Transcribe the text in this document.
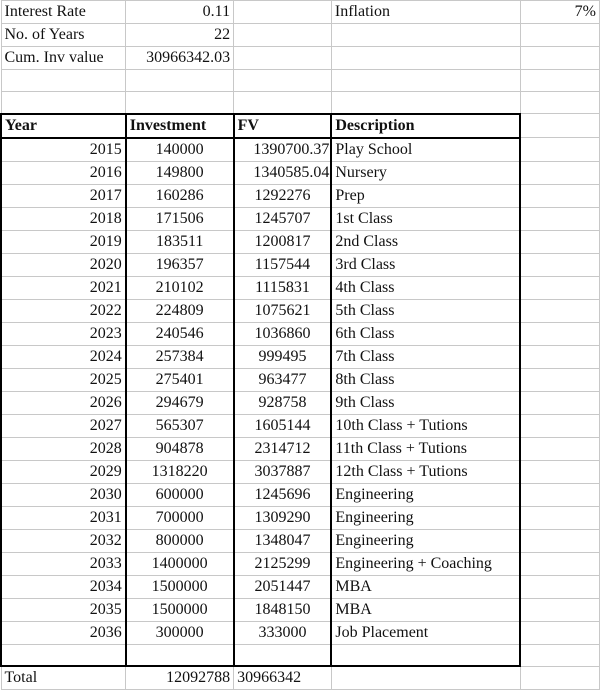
Interest Rate	0.11		Inflation	7%
No. of Years	22			
Cum. Inv value	30966342.03			

Year	Investment	FV	Description	
2015	140000	1390700.37	Play School	
2016	149800	1340585.04	Nursery	
2017	160286	1292276	Prep	
2018	171506	1245707	1st Class	
2019	183511	1200817	2nd Class	
2020	196357	1157544	3rd Class	
2021	210102	1115831	4th Class	
2022	224809	1075621	5th Class	
2023	240546	1036860	6th Class	
2024	257384	999495	7th Class	
2025	275401	963477	8th Class	
2026	294679	928758	9th Class	
2027	565307	1605144	10th Class + Tutions	
2028	904878	2314712	11th Class + Tutions	
2029	1318220	3037887	12th Class + Tutions	
2030	600000	1245696	Engineering	
2031	700000	1309290	Engineering	
2032	800000	1348047	Engineering	
2033	1400000	2125299	Engineering + Coaching	
2034	1500000	2051447	MBA	
2035	1500000	1848150	MBA	
2036	300000	333000	Job Placement	

Total	12092788	30966342		
